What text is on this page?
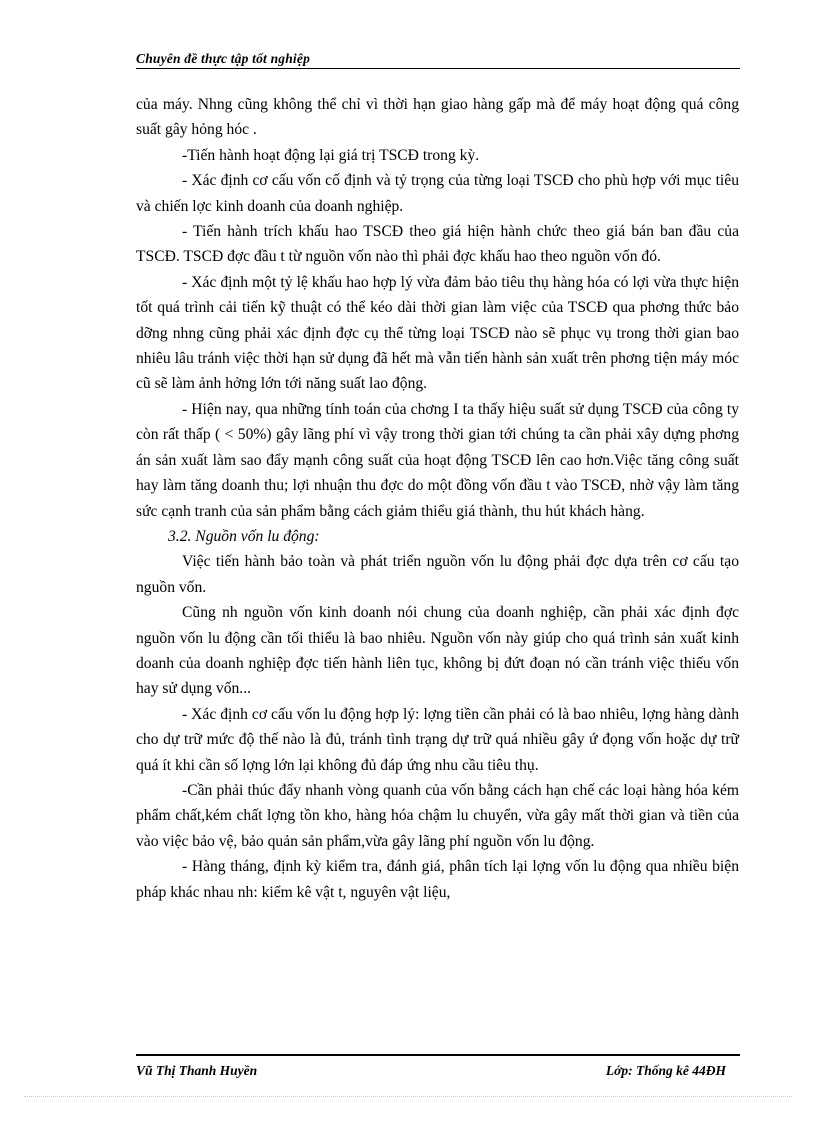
Chuyên đề thực tập tốt nghiệp

của máy. Nhng cũng không thể chỉ vì thời hạn giao hàng gấp mà để máy hoạt động quá công suất gây hỏng hóc .

-Tiến hành hoạt động lại giá trị TSCĐ trong kỳ.

- Xác định cơ cấu vốn cố định và tỷ trọng của từng loại TSCĐ cho phù hợp với mục tiêu và chiến lợc kinh doanh của doanh nghiệp.

- Tiến hành trích khấu hao TSCĐ theo giá hiện hành chức theo giá bán ban đầu của TSCĐ. TSCĐ đợc đầu t từ nguồn vốn nào thì phải đợc khấu hao theo nguồn vốn đó.

- Xác định một tỷ lệ khấu hao hợp lý vừa đảm bảo tiêu thụ hàng hóa có lợi vừa thực hiện tốt quá trình cải tiến kỹ thuật có thể kéo dài thời gian làm việc của TSCĐ qua phơng thức bảo dỡng nhng cũng phải xác định đợc cụ thể từng loại TSCĐ nào sẽ phục vụ trong thời gian bao nhiêu lâu tránh việc thời hạn sử dụng đã hết mà vẫn tiến hành sản xuất trên phơng tiện máy móc cũ sẽ làm ảnh hởng lớn tới năng suất lao động.

- Hiện nay, qua những tính toán của chơng I ta thấy hiệu suất sử dụng TSCĐ của công ty còn rất thấp ( < 50%) gây lãng phí vì vậy trong thời gian tới chúng ta cần phải xây dựng phơng án sản xuất làm sao đẩy mạnh công suất của hoạt động TSCĐ lên cao hơn.Việc tăng công suất hay làm tăng doanh thu; lợi nhuận thu đợc do một đồng vốn đầu t vào TSCĐ, nhờ vậy làm tăng sức cạnh tranh của sản phẩm bằng cách giảm thiểu giá thành, thu hút khách hàng.

3.2. Nguồn vốn lu động:

Việc tiến hành bảo toàn và phát triển nguồn vốn lu động phải đợc dựa trên cơ cấu tạo nguồn vốn.

Cũng nh nguồn vốn kinh doanh nói chung của doanh nghiệp, cần phải xác định đợc nguồn vốn lu động cần tối thiểu là bao nhiêu. Nguồn vốn này giúp cho quá trình sản xuất kinh doanh của doanh nghiệp đợc tiến hành liên tục, không bị đứt đoạn nó cần tránh việc thiếu vốn hay sử dụng vốn...

- Xác định cơ cấu vốn lu động hợp lý: lợng tiền cần phải có là bao nhiêu, lợng hàng dành cho dự trữ mức độ thế nào là đủ, tránh tình trạng dự trữ quá nhiều gây ứ đọng vốn hoặc dự trữ quá ít khi cần số lợng lớn lại không đủ đáp ứng nhu cầu tiêu thụ.

-Cần phải thúc đẩy nhanh vòng quanh của vốn bằng cách hạn chế các loại hàng hóa kém phẩm chất,kém chất lợng tồn kho, hàng hóa chậm lu chuyển, vừa gây mất thời gian và tiền của vào việc bảo vệ, bảo quản sản phẩm,vừa gây lãng phí nguồn vốn lu động.

- Hàng tháng, định kỳ kiểm tra, đánh giá, phân tích lại lợng vốn lu động qua nhiều biện pháp khác nhau nh: kiểm kê vật t, nguyên vật liệu,

Vũ Thị Thanh Huyền	Lớp: Thống kê 44ĐH
